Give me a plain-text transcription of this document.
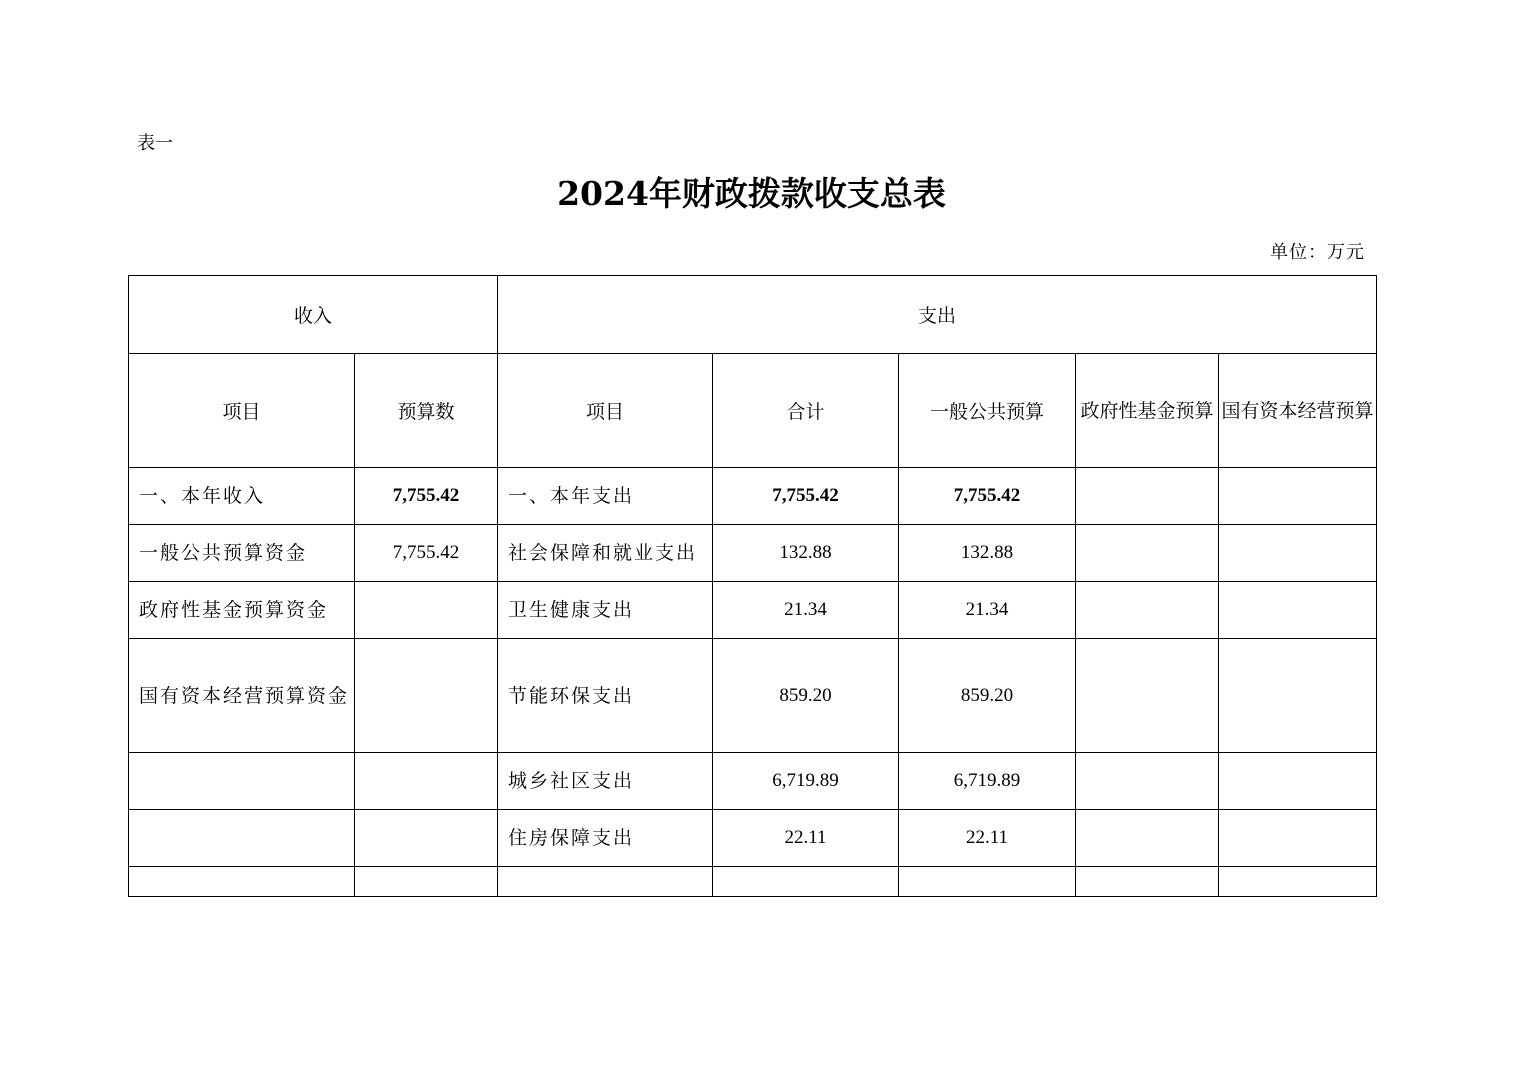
表一
2024年财政拨款收支总表
单位：万元
收入		支出				
项目	预算数	项目	合计	一般公共预算	政府性基金预算	国有资本经营预算
一、本年收入	7,755.42	一、本年支出	7,755.42	7,755.42		
一般公共预算资金	7,755.42	社会保障和就业支出	132.88	132.88		
政府性基金预算资金		卫生健康支出	21.34	21.34		
国有资本经营预算资金		节能环保支出	859.20	859.20		
		城乡社区支出	6,719.89	6,719.89		
		住房保障支出	22.11	22.11		
